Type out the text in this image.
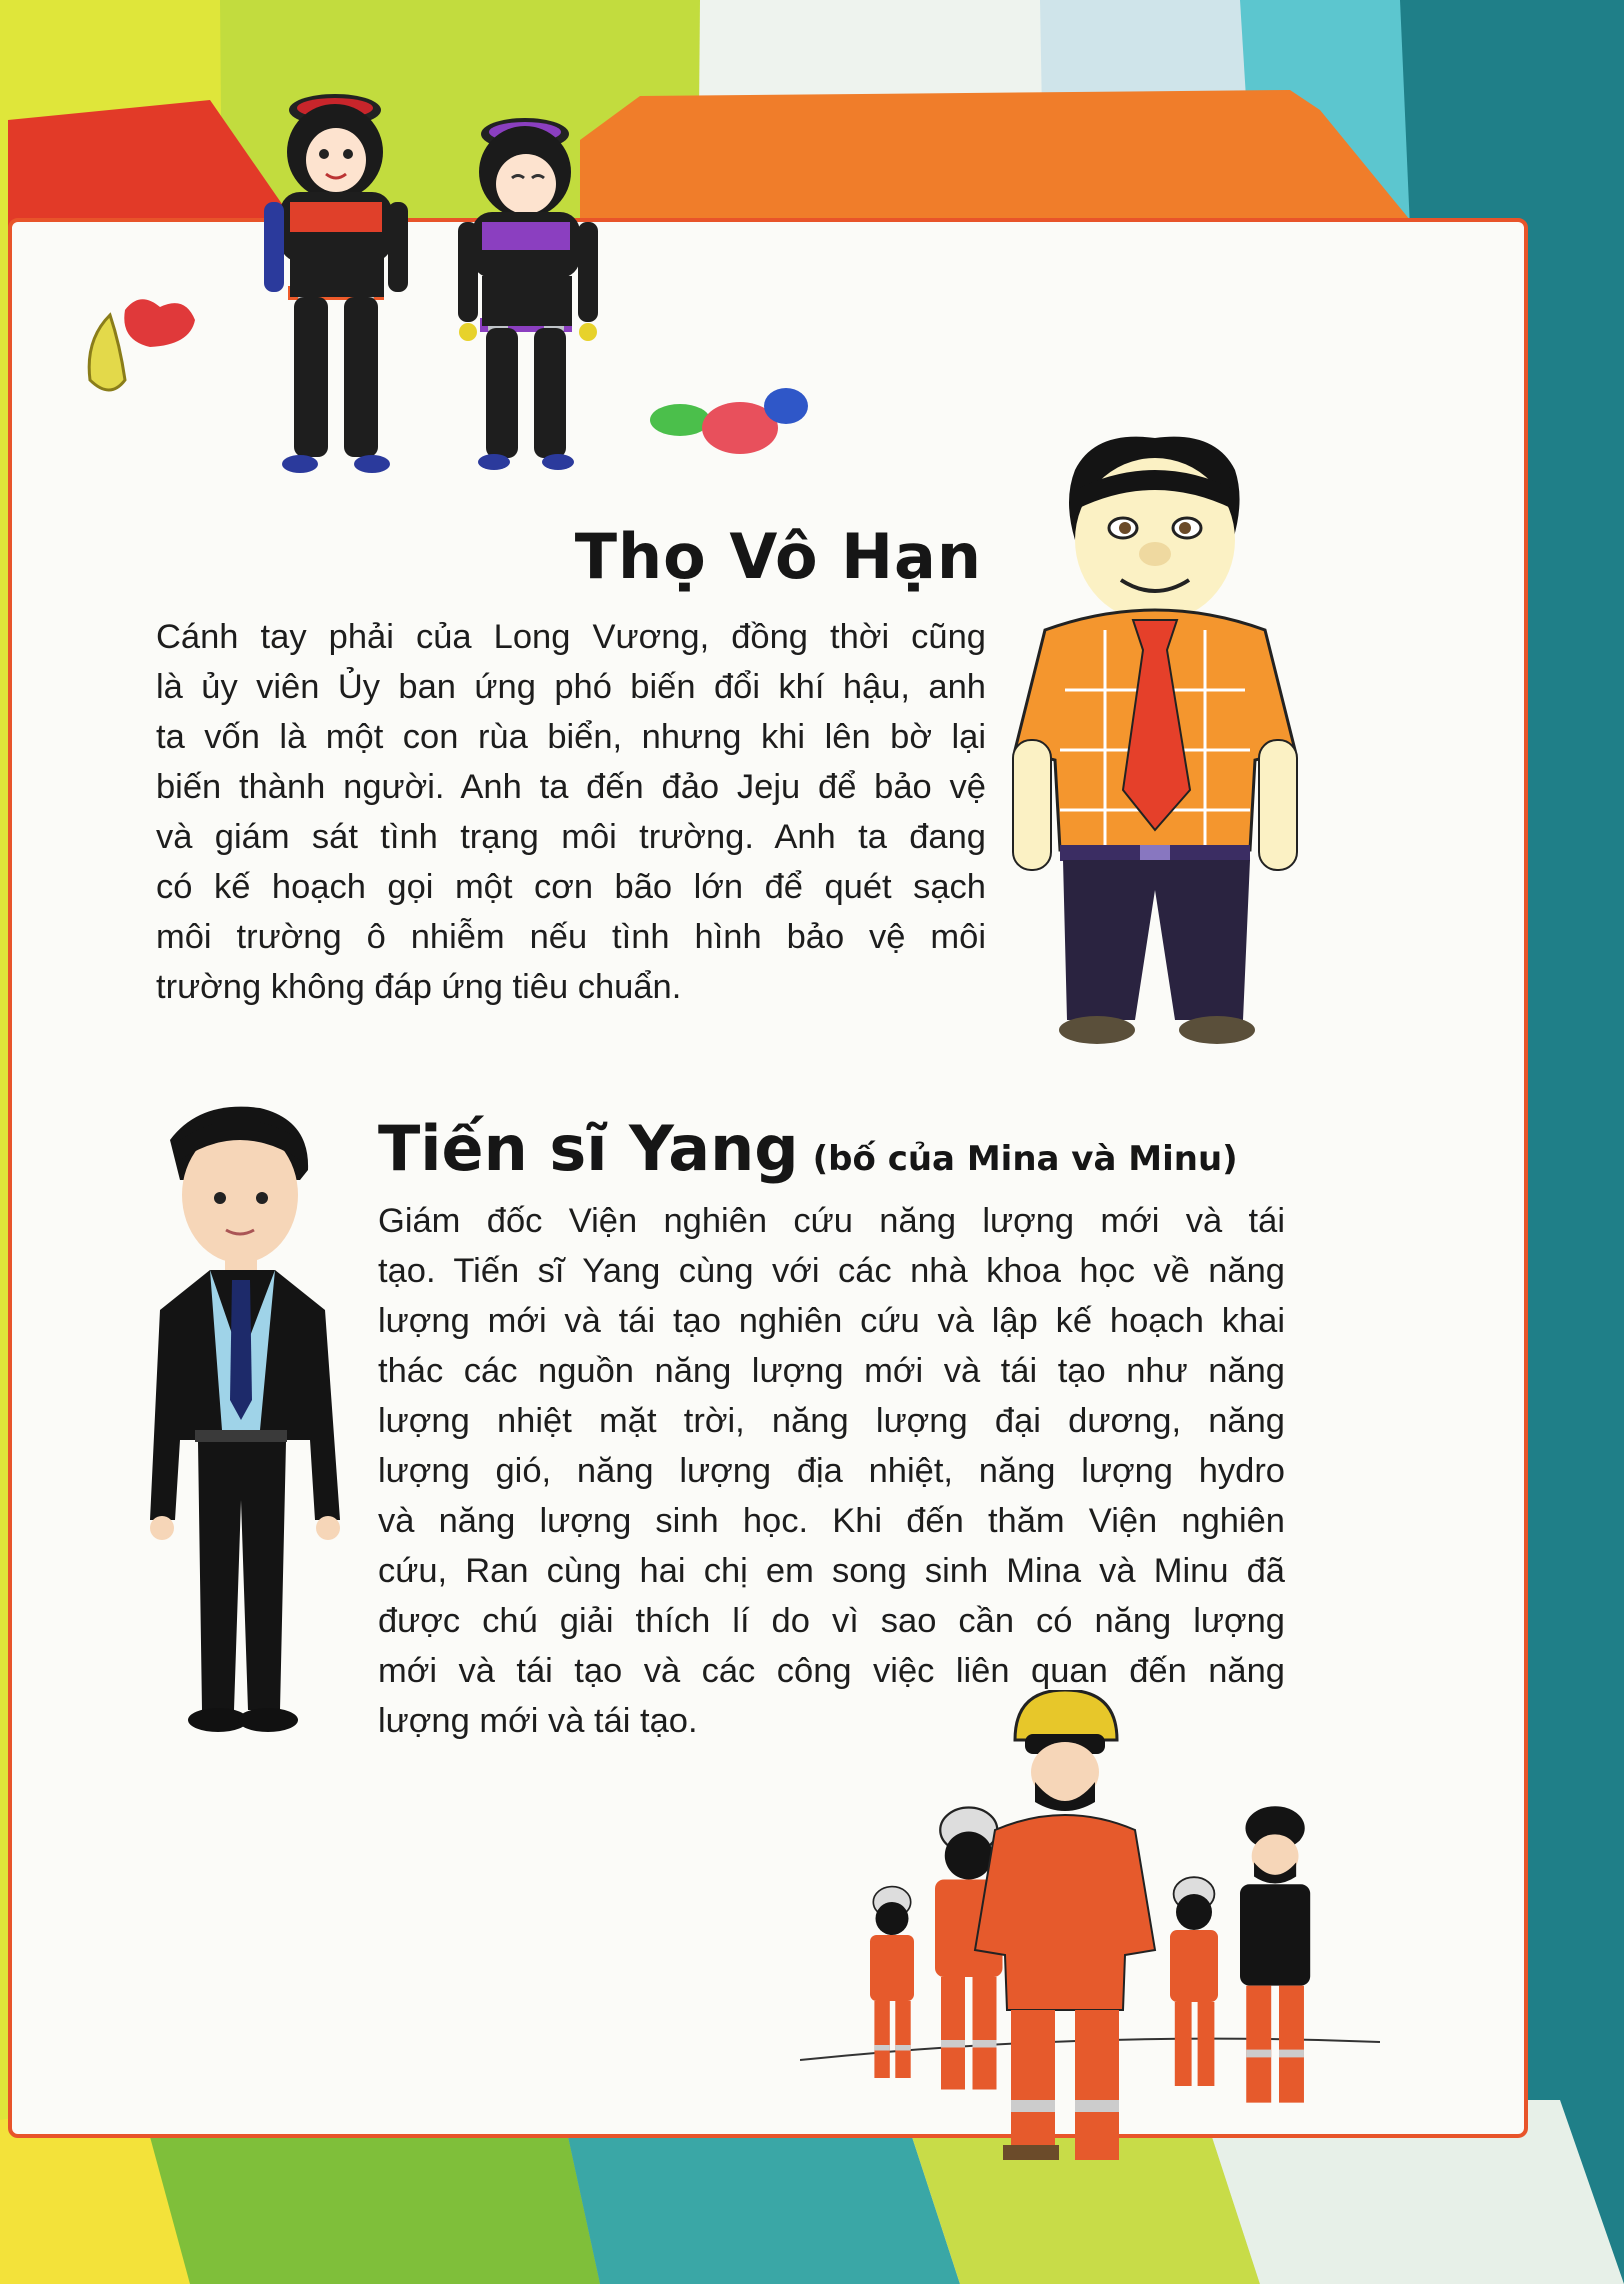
Thọ Vô Hạn
Cánh tay phải của Long Vương, đồng thời cũng
là ủy viên Ủy ban ứng phó biến đổi khí hậu, anh
ta vốn là một con rùa biển, nhưng khi lên bờ lại
biến thành người. Anh ta đến đảo Jeju để bảo vệ
và giám sát tình trạng môi trường. Anh ta đang
có kế hoạch gọi một cơn bão lớn để quét sạch
môi trường ô nhiễm nếu tình hình bảo vệ môi
trường không đáp ứng tiêu chuẩn.
Tiến sĩ Yang (bố của Mina và Minu)
Giám đốc Viện nghiên cứu năng lượng mới và tái
tạo. Tiến sĩ Yang cùng với các nhà khoa học về năng
lượng mới và tái tạo nghiên cứu và lập kế hoạch khai
thác các nguồn năng lượng mới và tái tạo như năng
lượng nhiệt mặt trời, năng lượng đại dương, năng
lượng gió, năng lượng địa nhiệt, năng lượng hydro
và năng lượng sinh học. Khi đến thăm Viện nghiên
cứu, Ran cùng hai chị em song sinh Mina và Minu đã
được chú giải thích lí do vì sao cần có năng lượng
mới và tái tạo và các công việc liên quan đến năng
lượng mới và tái tạo.
